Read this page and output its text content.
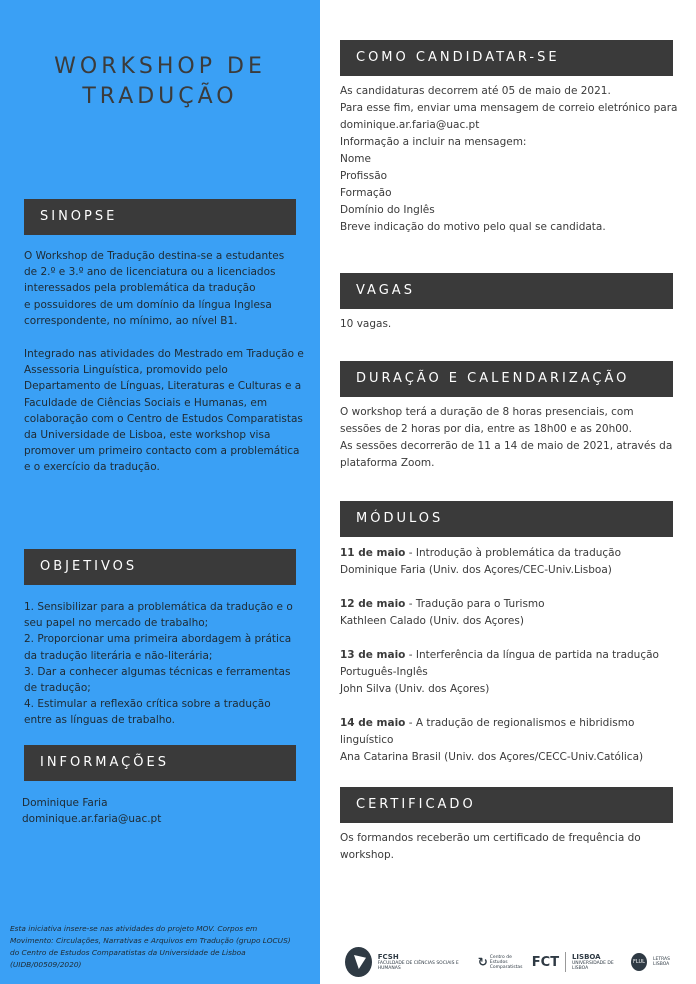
WORKSHOP DE
TRADUÇÃO
SINOPSE
O Workshop de Tradução destina-se a estudantes
de 2.º e 3.º ano de licenciatura ou a licenciados
interessados pela problemática da tradução
e possuidores de um domínio da língua Inglesa
correspondente, no mínimo, ao nível B1.
Integrado nas atividades do Mestrado em Tradução e
Assessoria Linguística, promovido pelo
Departamento de Línguas, Literaturas e Culturas e a
Faculdade de Ciências Sociais e Humanas, em
colaboração com o Centro de Estudos Comparatistas
da Universidade de Lisboa, este workshop visa
promover um primeiro contacto com a problemática
e o exercício da tradução.
OBJETIVOS
1. Sensibilizar para a problemática da tradução e o
seu papel no mercado de trabalho;
2. Proporcionar uma primeira abordagem à prática
da tradução literária e não-literária;
3. Dar a conhecer algumas técnicas e ferramentas
de tradução;
4. Estimular a reflexão crítica sobre a tradução
entre as línguas de trabalho.
INFORMAÇÕES
Dominique Faria
dominique.ar.faria@uac.pt
Esta iniciativa insere-se nas atividades do projeto MOV. Corpos em
Movimento: Circulações, Narrativas e Arquivos em Tradução (grupo LOCUS)
do Centro de Estudos Comparatistas da Universidade de Lisboa
(UIDB/00509/2020)
COMO CANDIDATAR-SE
As candidaturas decorrem até 05 de maio de 2021.
Para esse fim, enviar uma mensagem de correio eletrónico para
dominique.ar.faria@uac.pt
Informação a incluir na mensagem:
Nome
Profissão
Formação
Domínio do Inglês
Breve indicação do motivo pelo qual se candidata.
VAGAS
10 vagas.
DURAÇÃO E CALENDARIZAÇÃO
O workshop terá a duração de 8 horas presenciais, com
sessões de 2 horas por dia, entre as 18h00 e as 20h00.
As sessões decorrerão de 11 a 14 de maio de 2021, através da
plataforma Zoom.
MÓDULOS
11 de maio - Introdução à problemática da tradução
Dominique Faria (Univ. dos Açores/CEC-Univ.Lisboa)
12 de maio - Tradução para o Turismo
Kathleen Calado (Univ. dos Açores)
13 de maio - Interferência da língua de partida na tradução
Português-Inglês
John Silva (Univ. dos Açores)
14 de maio - A tradução de regionalismos e hibridismo
linguístico
Ana Catarina Brasil (Univ. dos Açores/CECC-Univ.Católica)
CERTIFICADO
Os formandos receberão um certificado de frequência do
workshop.
FCSH
FACULDADE DE CIÊNCIAS SOCIAIS E HUMANAS	↻ Centro de Estudos Comparatistas FCT LISBOA
UNIVERSIDADE DE LISBOA
FLUL	LETRAS LISBOA
